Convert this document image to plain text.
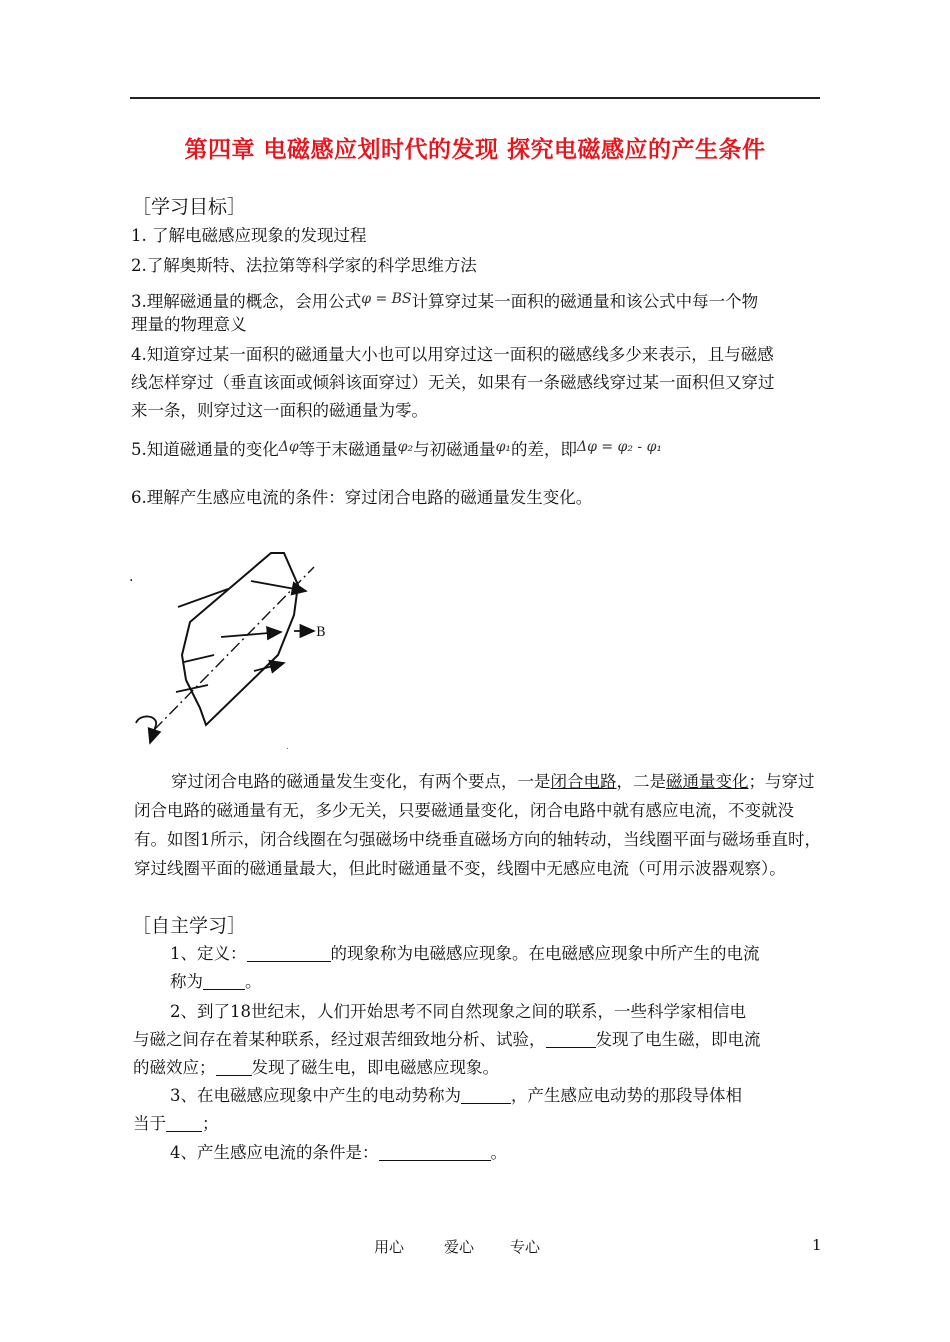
第四章 电磁感应划时代的发现 探究电磁感应的产生条件
［学习目标］
1. 了解电磁感应现象的发现过程
2.了解奥斯特、法拉第等科学家的科学思维方法
3.理解磁通量的概念，会用公式$^{\varphi = BS}$计算穿过某一面积的磁通量和该公式中每一个物
理量的物理意义
4.知道穿过某一面积的磁通量大小也可以用穿过这一面积的磁感线多少来表示，且与磁感
线怎样穿过（垂直该面或倾斜该面穿过）无关，如果有一条磁感线穿过某一面积但又穿过
来一条，则穿过这一面积的磁通量为零。
5.知道磁通量的变化$^{\Delta\varphi}$等于末磁通量$^{\varphi_2}$与初磁通量$^{\varphi_1}$的差，即$^{\Delta\varphi = \varphi_2 - \varphi_1}$
6.理解产生感应电流的条件：穿过闭合电路的磁通量发生变化。
.
B
.
穿过闭合电路的磁通量发生变化，有两个要点，一是闭合电路，二是磁通量变化；与穿过闭合电路的磁通量有无，多少无关，只要磁通量变化，闭合电路中就有感应电流，不变就没有。如图1所示，闭合线圈在匀强磁场中绕垂直磁场方向的轴转动，当线圈平面与磁场垂直时，穿过线圈平面的磁通量最大，但此时磁通量不变，线圈中无感应电流（可用示波器观察）。
［自主学习］
1、定义：	的现象称为电磁感应现象。在电磁感应现象中所产生的电流
称为	。
2、到了18世纪末，人们开始思考不同自然现象之间的联系，一些科学家相信电
与磁之间存在着某种联系，经过艰苦细致地分析、试验，	发现了电生磁，即电流
的磁效应； 发现了磁生电，即电磁感应现象。
3、在电磁感应现象中产生的电动势称为	，产生感应电动势的那段导体相
当于 ；
4、产生感应电流的条件是：	。
用心	爱心 专心	1
